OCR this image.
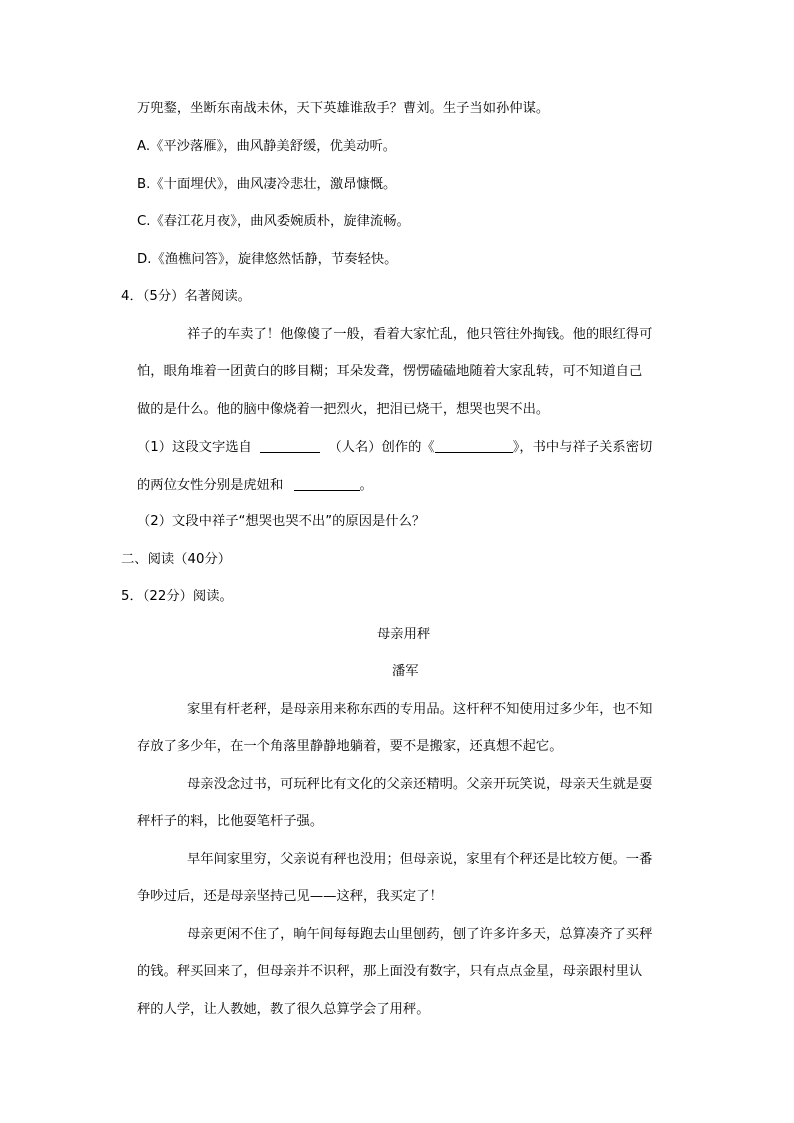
万兜鍪，坐断东南战未休，天下英雄谁敌手？曹刘。生子当如孙仲谋。
A.《平沙落雁》，曲风静美舒缓，优美动听。
B.《十面埋伏》，曲风凄冷悲壮，激昂慷慨。
C.《春江花月夜》，曲风委婉质朴，旋律流畅。
D.《渔樵问答》，旋律悠然恬静，节奏轻快。
4．（5分）名著阅读。
祥子的车卖了！他像傻了一般，看着大家忙乱，他只管往外掏钱。他的眼红得可
怕，眼角堆着一团黄白的眵目糊；耳朵发聋，愣愣磕磕地随着大家乱转，可不知道自己
做的是什么。他的脑中像烧着一把烈火，把泪已烧干，想哭也哭不出。
（1）这段文字选自	（人名）创作的《	》，书中与祥子关系密切
的两位女性分别是虎妞和	。
（2）文段中祥子“想哭也哭不出”的原因是什么？
二、阅读（40分）
5．（22分）阅读。
母亲用秤
潘军
家里有杆老秤，是母亲用来称东西的专用品。这杆秤不知使用过多少年，也不知
存放了多少年，在一个角落里静静地躺着，要不是搬家，还真想不起它。
母亲没念过书，可玩秤比有文化的父亲还精明。父亲开玩笑说，母亲天生就是耍
秤杆子的料，比他耍笔杆子强。
早年间家里穷，父亲说有秤也没用；但母亲说，家里有个秤还是比较方便。一番
争吵过后，还是母亲坚持己见——这秤，我买定了！
母亲更闲不住了，晌午间每每跑去山里刨药，刨了许多许多天，总算凑齐了买秤
的钱。秤买回来了，但母亲并不识秤，那上面没有数字，只有点点金星，母亲跟村里认
秤的人学，让人教她，教了很久总算学会了用秤。
